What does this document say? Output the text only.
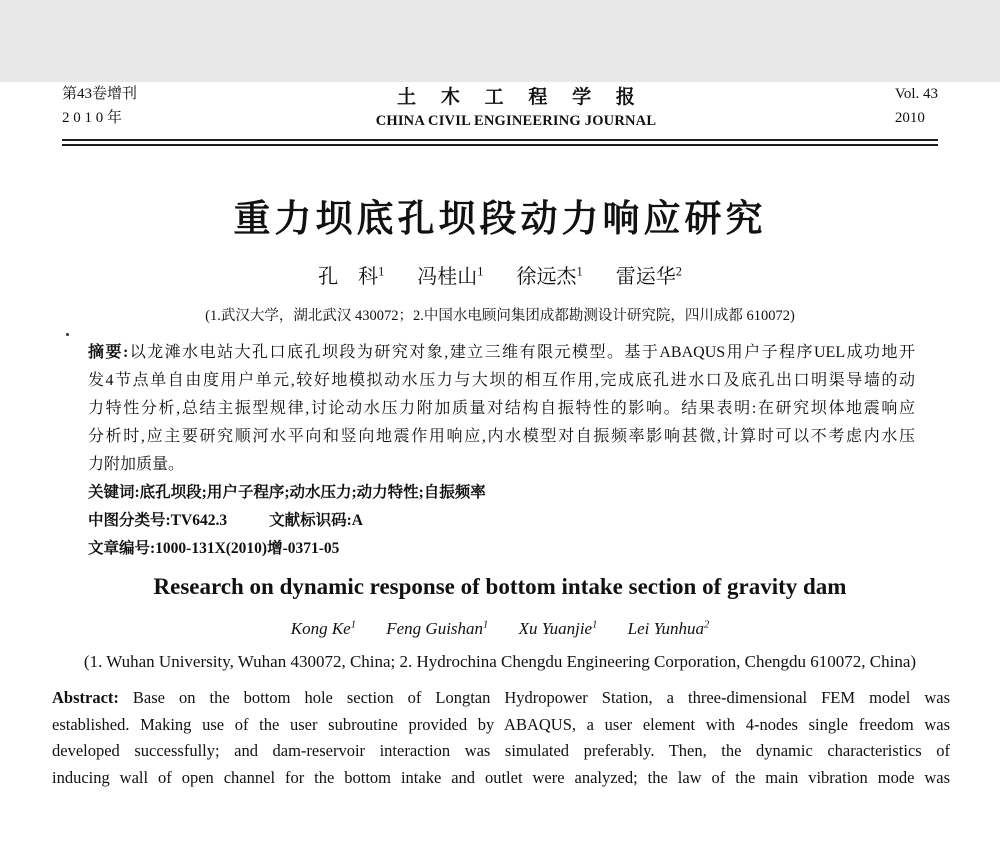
第43卷增刊
2 0 1 0 年
土 木 工 程 学 报
CHINA CIVIL ENGINEERING JOURNAL
Vol. 43
2010
重力坝底孔坝段动力响应研究
孔　科$^1$ 冯桂山$^1$ 徐远杰$^1$ 雷运华$^2$
(1.武汉大学，湖北武汉 430072；2.中国水电顾问集团成都勘测设计研究院，四川成都 610072)
摘要:以龙滩水电站大孔口底孔坝段为研究对象,建立三维有限元模型。基于ABAQUS用户子程序UEL成功地开
发4节点单自由度用户单元,较好地模拟动水压力与大坝的相互作用,完成底孔进水口及底孔出口明渠导墙的动
力特性分析,总结主振型规律,讨论动水压力附加质量对结构自振特性的影响。结果表明:在研究坝体地震响应
分析时,应主要研究顺河水平向和竖向地震作用响应,内水模型对自振频率影响甚微,计算时可以不考虑内水压
力附加质量。
关键词:底孔坝段;用户子程序;动水压力;动力特性;自振频率
中图分类号:TV642.3	文献标识码:A
文章编号:1000-131X(2010)增-0371-05
Research on dynamic response of bottom intake section of gravity dam
Kong Ke$^1$ Feng Guishan$^1$ Xu Yuanjie$^1$ Lei Yunhua$^2$
(1. Wuhan University, Wuhan 430072, China; 2. Hydrochina Chengdu Engineering Corporation, Chengdu 610072, China)
Abstract: Base on the bottom hole section of Longtan Hydropower Station, a three-dimensional FEM model was
established. Making use of the user subroutine provided by ABAQUS, a user element with 4-nodes single freedom was
developed successfully; and dam-reservoir interaction was simulated preferably. Then, the dynamic characteristics of
inducing wall of open channel for the bottom intake and outlet were analyzed; the law of the main vibration mode was
